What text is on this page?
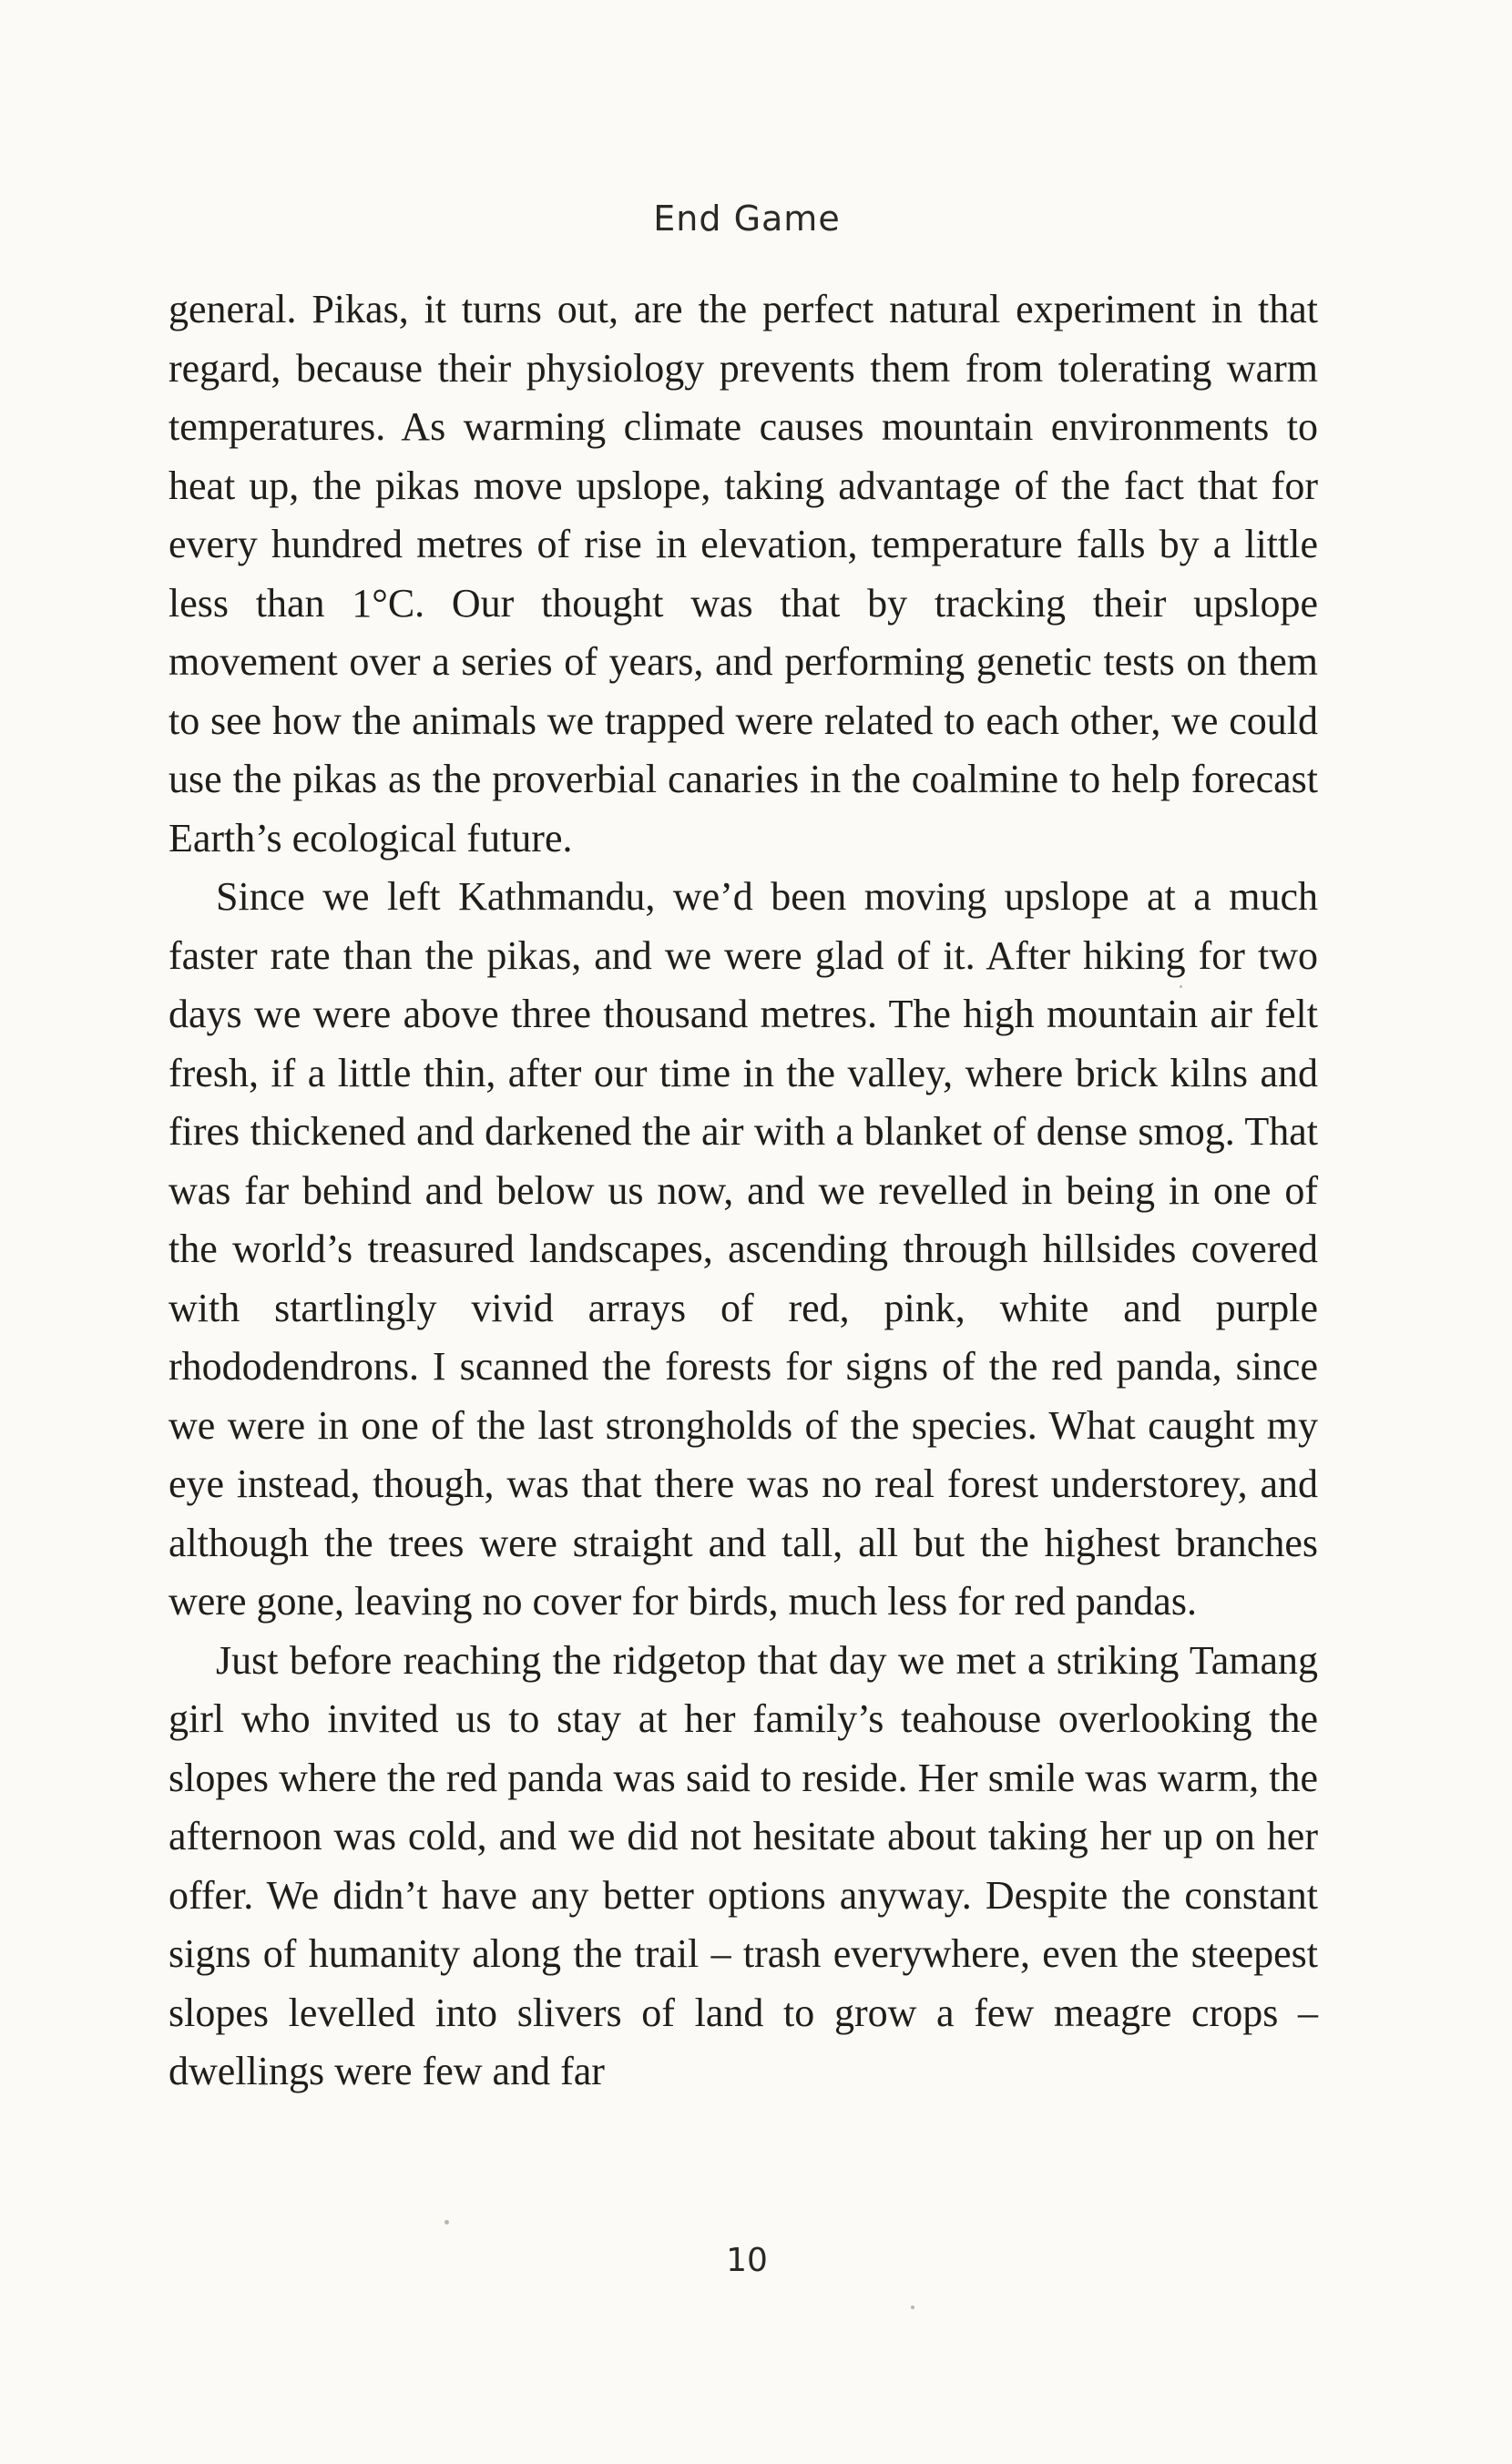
End Game

general. Pikas, it turns out, are the perfect natural experiment in that regard, because their physiology prevents them from tolerating warm temperatures. As warming climate causes mountain environments to heat up, the pikas move upslope, taking advantage of the fact that for every hundred metres of rise in elevation, temperature falls by a little less than 1°C. Our thought was that by tracking their upslope movement over a series of years, and performing genetic tests on them to see how the animals we trapped were related to each other, we could use the pikas as the proverbial canaries in the coalmine to help forecast Earth’s ecological future.

Since we left Kathmandu, we’d been moving upslope at a much faster rate than the pikas, and we were glad of it. After hiking for two days we were above three thousand metres. The high mountain air felt fresh, if a little thin, after our time in the valley, where brick kilns and fires thickened and darkened the air with a blanket of dense smog. That was far behind and below us now, and we revelled in being in one of the world’s treasured landscapes, ascending through hillsides covered with startlingly vivid arrays of red, pink, white and purple rhododendrons. I scanned the forests for signs of the red panda, since we were in one of the last strongholds of the species. What caught my eye instead, though, was that there was no real forest understorey, and although the trees were straight and tall, all but the highest branches were gone, leaving no cover for birds, much less for red pandas.

Just before reaching the ridgetop that day we met a striking Tamang girl who invited us to stay at her family’s teahouse overlooking the slopes where the red panda was said to reside. Her smile was warm, the afternoon was cold, and we did not hesitate about taking her up on her offer. We didn’t have any better options anyway. Despite the constant signs of humanity along the trail – trash everywhere, even the steepest slopes levelled into slivers of land to grow a few meagre crops – dwellings were few and far

10
